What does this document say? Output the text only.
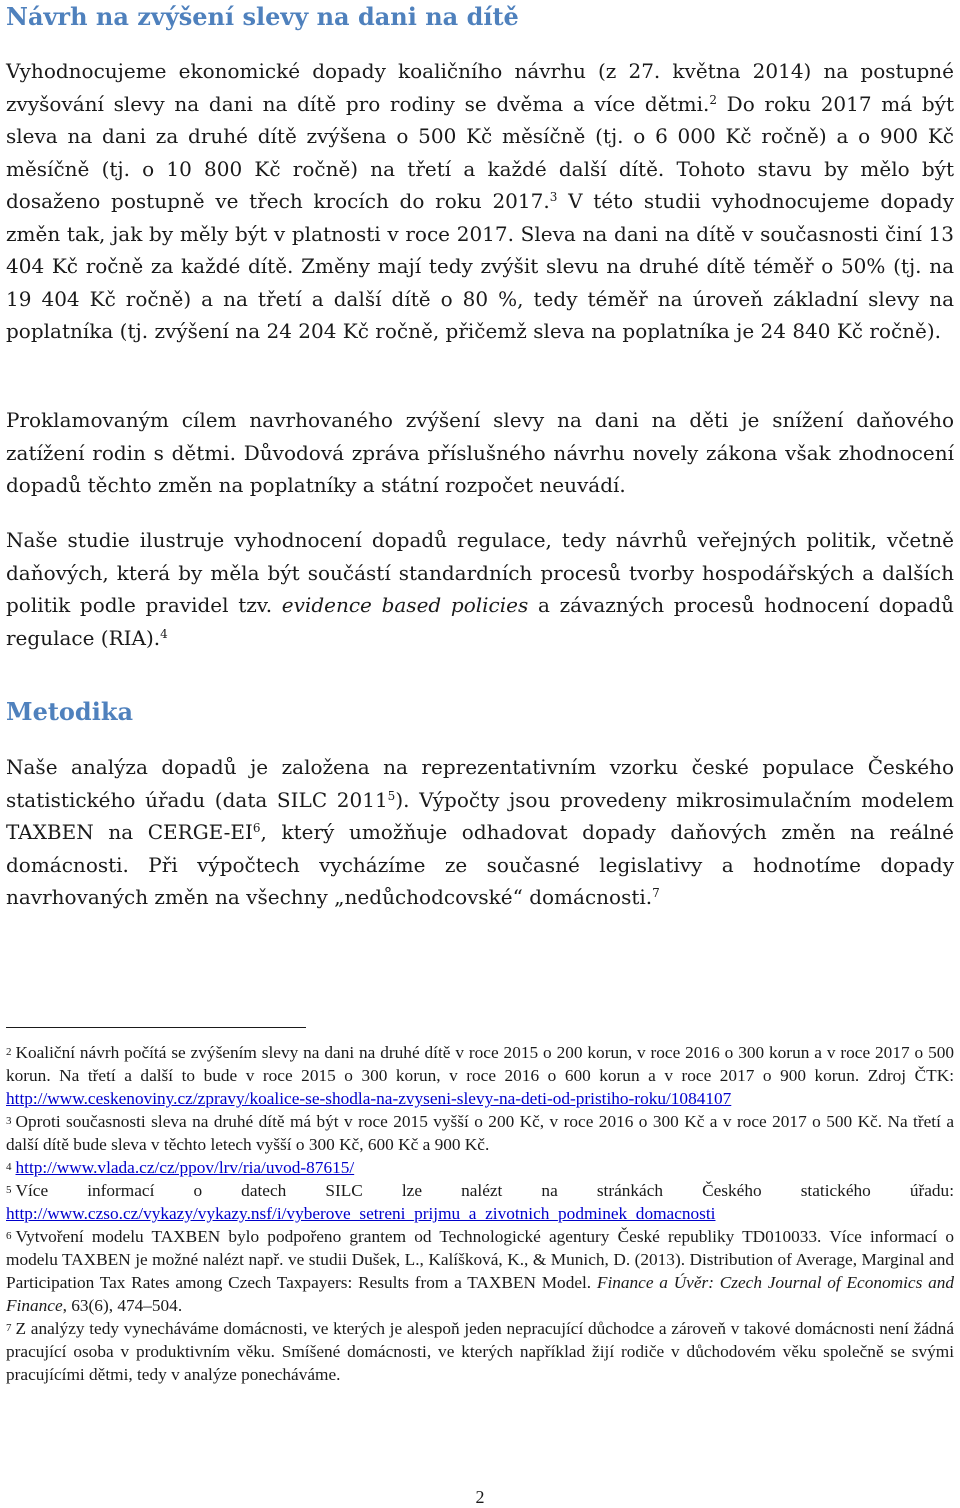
Návrh na zvýšení slevy na dani na dítě

Vyhodnocujeme ekonomické dopady koaličního návrhu (z 27. května 2014) na postupné zvyšování slevy na dani na dítě pro rodiny se dvěma a více dětmi.$^2$ Do roku 2017 má být sleva na dani za druhé dítě zvýšena o 500 Kč měsíčně (tj. o 6 000 Kč ročně) a o 900 Kč měsíčně (tj. o 10 800 Kč ročně) na třetí a každé další dítě. Tohoto stavu by mělo být dosaženo postupně ve třech krocích do roku 2017.$^3$ V této studii vyhodnocujeme dopady změn tak, jak by měly být v platnosti v roce 2017. Sleva na dani na dítě v současnosti činí 13 404 Kč ročně za každé dítě. Změny mají tedy zvýšit slevu na druhé dítě téměř o 50% (tj. na 19 404 Kč ročně) a na třetí a další dítě o 80 %, tedy téměř na úroveň základní slevy na poplatníka (tj. zvýšení na 24 204 Kč ročně, přičemž sleva na poplatníka je 24 840 Kč ročně).

Proklamovaným cílem navrhovaného zvýšení slevy na dani na děti je snížení daňového zatížení rodin s dětmi. Důvodová zpráva příslušného návrhu novely zákona však zhodnocení dopadů těchto změn na poplatníky a státní rozpočet neuvádí.

Naše studie ilustruje vyhodnocení dopadů regulace, tedy návrhů veřejných politik, včetně daňových, která by měla být součástí standardních procesů tvorby hospodářských a dalších politik podle pravidel tzv. evidence based policies a závazných procesů hodnocení dopadů regulace (RIA).$^4$

Metodika

Naše analýza dopadů je založena na reprezentativním vzorku české populace Českého statistického úřadu (data SILC 2011$^5$). Výpočty jsou provedeny mikrosimulačním modelem TAXBEN na CERGE-$EI^6$, který umožňuje odhadovat dopady daňových změn na reálné domácnosti. Při výpočtech vycházíme ze současné legislativy a hodnotíme dopady navrhovaných změn na všechny „nedůchodcovské“ domácnosti.$^7$

2 Koaliční návrh počítá se zvýšením slevy na dani na druhé dítě v roce 2015 o 200 korun, v roce 2016 o 300 korun a v roce 2017 o 500 korun. Na třetí a další to bude v roce 2015 o 300 korun, v roce 2016 o 600 korun a v roce 2017 o 900 korun. Zdroj ČTK: http://www.ceskenoviny.cz/zpravy/koalice-se-shodla-na-zvyseni-slevy-na-deti-od-pristiho-roku/1084107

3 Oproti současnosti sleva na druhé dítě má být v roce 2015 vyšší o 200 Kč, v roce 2016 o 300 Kč a v roce 2017 o 500 Kč. Na třetí a další dítě bude sleva v těchto letech vyšší o 300 Kč, 600 Kč a 900 Kč.

4 http://www.vlada.cz/cz/ppov/lrv/ria/uvod-87615/

5 Více informací o datech SILC lze nalézt na stránkách Českého statického úřadu: http://www.czso.cz/vykazy/vykazy.nsf/i/vyberove_setreni_prijmu_a_zivotnich_podminek_domacnosti

6 Vytvoření modelu TAXBEN bylo podpořeno grantem od Technologické agentury České republiky TD010033. Více informací o modelu TAXBEN je možné nalézt např. ve studii Dušek, L., Kalíšková, K., & Munich, D. (2013). Distribution of Average, Marginal and Participation Tax Rates among Czech Taxpayers: Results from a TAXBEN Model. Finance a Úvěr: Czech Journal of Economics and Finance, 63(6), 474–504.

7 Z analýzy tedy vynecháváme domácnosti, ve kterých je alespoň jeden nepracující důchodce a zároveň v takové domácnosti není žádná pracující osoba v produktivním věku. Smíšené domácnosti, ve kterých například žijí rodiče v důchodovém věku společně se svými pracujícími dětmi, tedy v analýze ponecháváme.

2
